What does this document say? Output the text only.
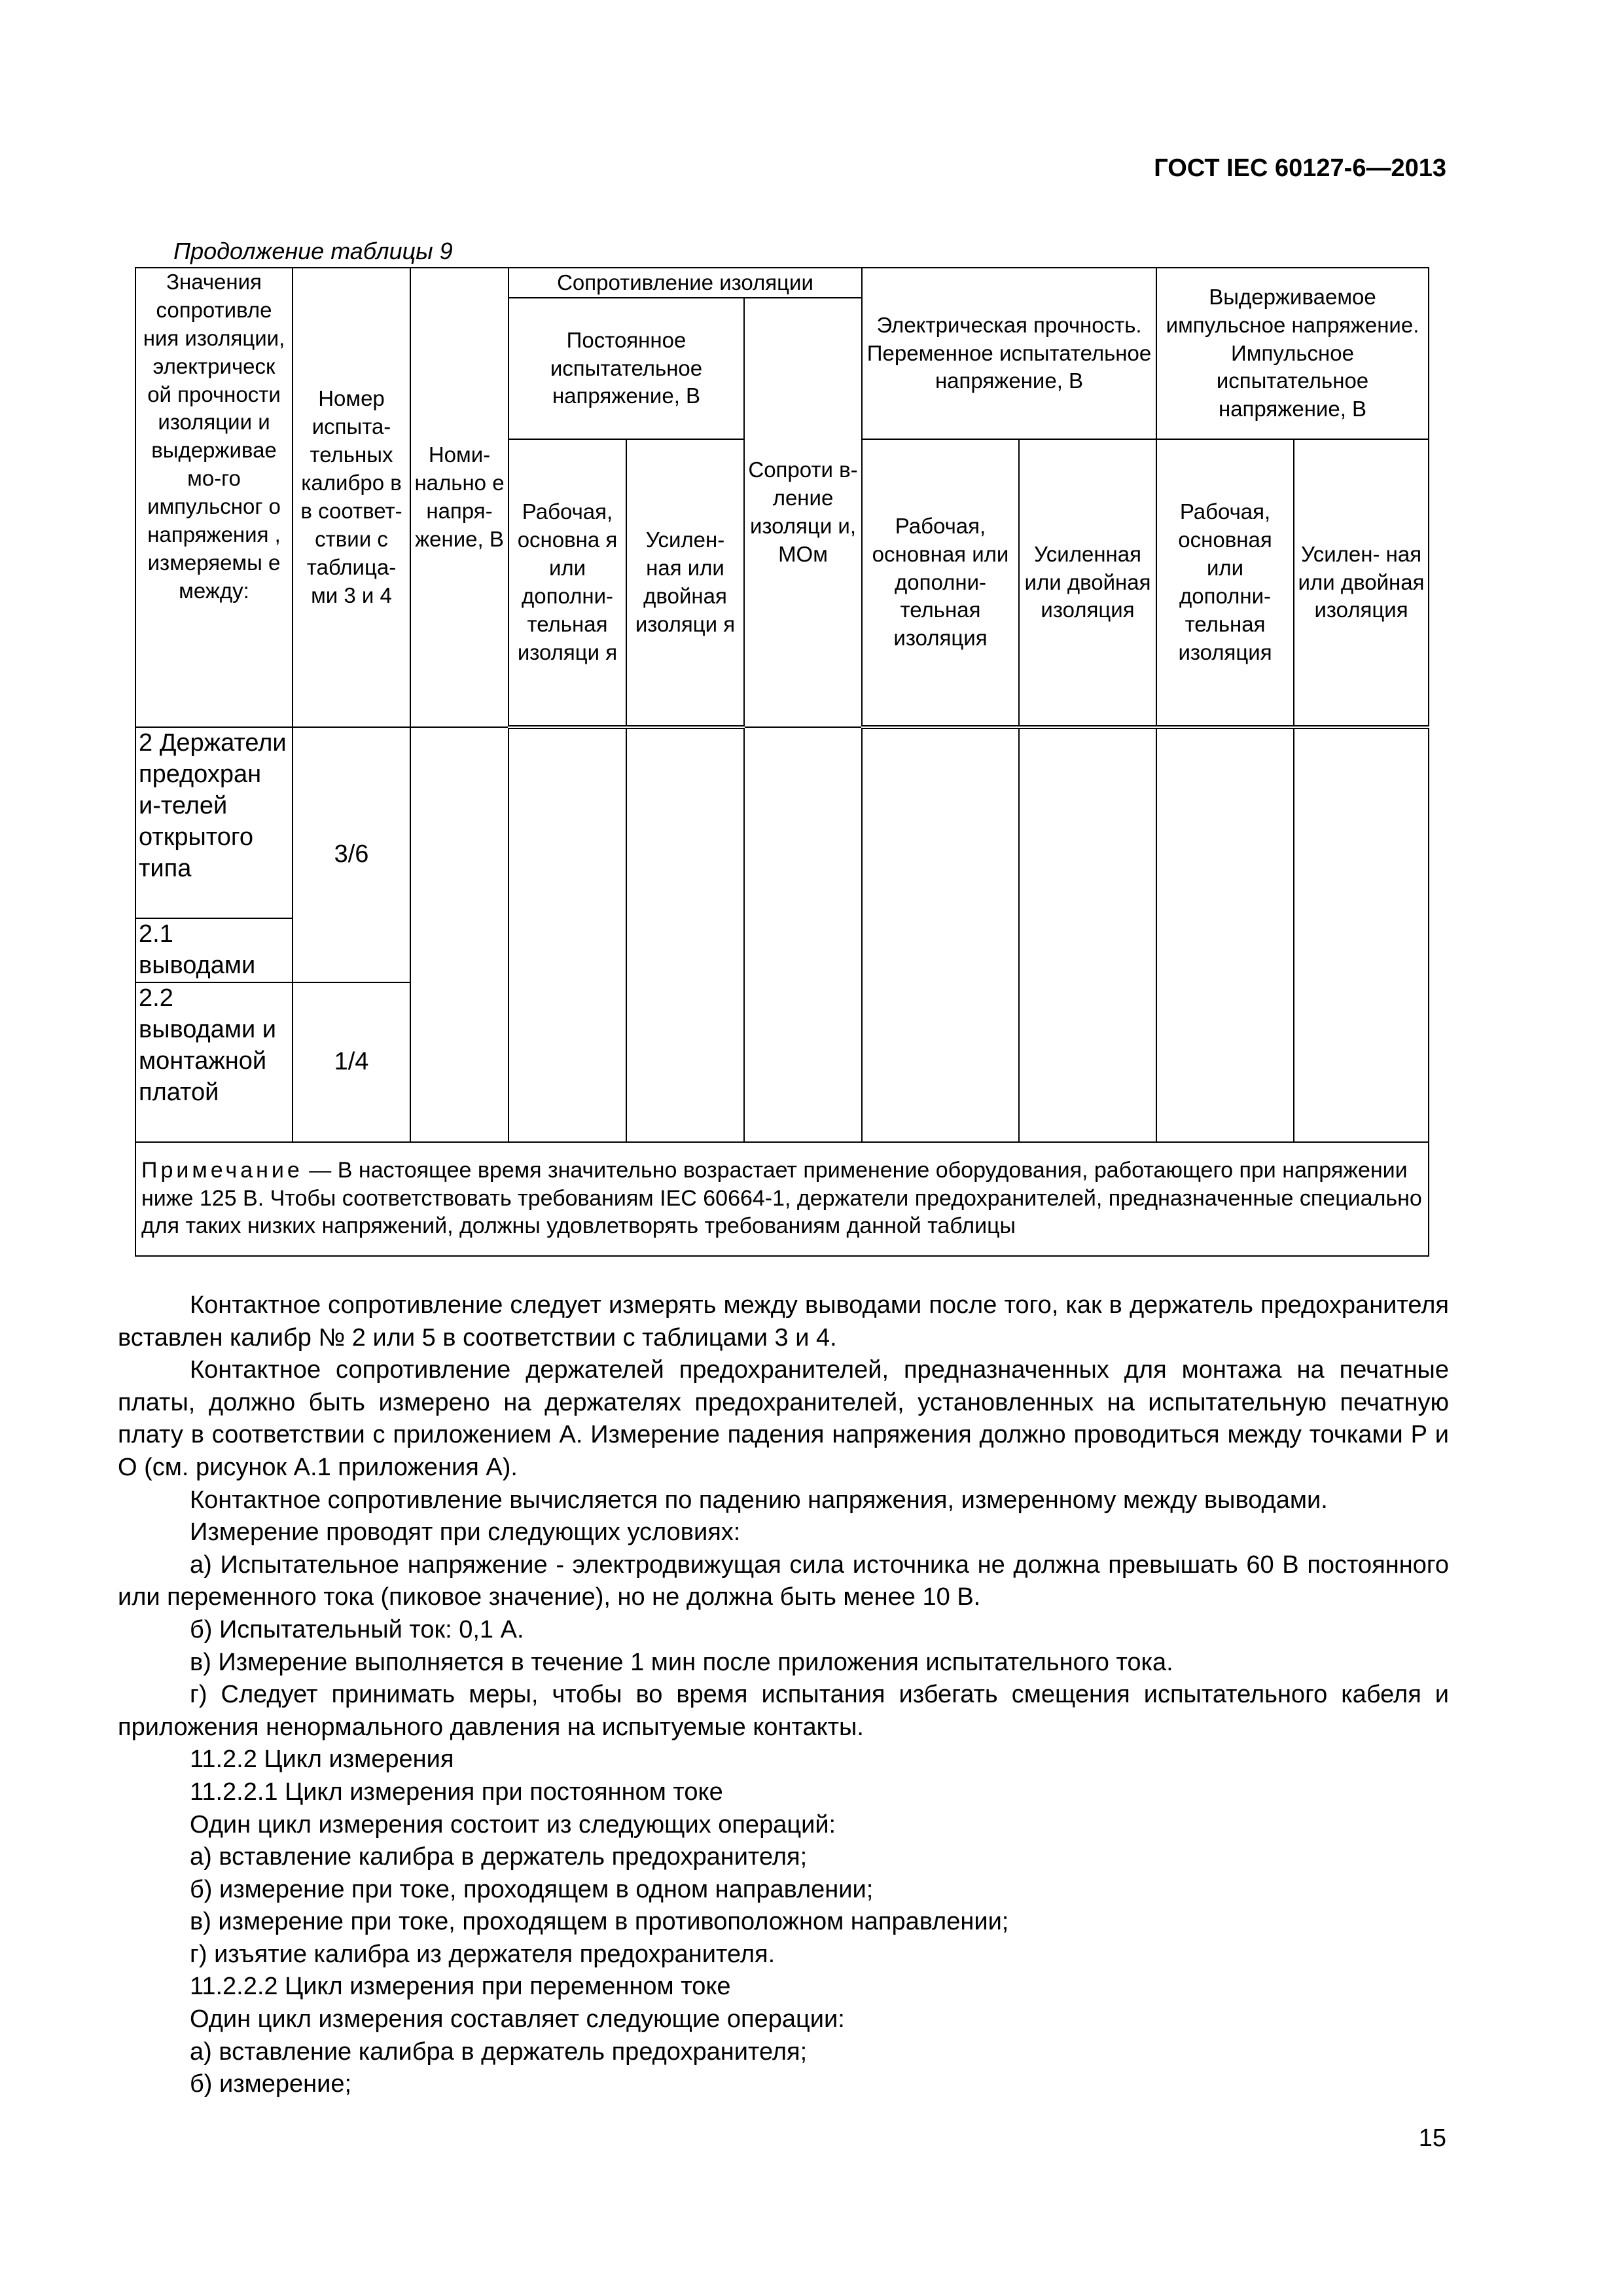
ГОСТ IEC 60127-6—2013
Продолжение таблицы 9
Значения сопротивле ния изоляции, электрическ ой прочности изоляции и выдерживае мо-го импульсног о напряжения , измеряемы е между:	Номер испыта- тельных калибро в в соответ- ствии с таблица- ми 3 и 4	Номи- нально е напря- жение, В	Сопротивление изоляции			Электрическая прочность. Переменное испытательное напряжение, В		Выдерживаемое импульсное напряжение. Импульсное испытательное напряжение, В	
			Постоянное испытательное напряжение, В		Сопроти в-ление изоляци и, МОм				
			Рабочая, основна я или дополни- тельная изоляци я	Усилен- ная или двойная изоляци я		Рабочая, основная или дополни- тельная изоляция	Усиленная или двойная изоляция	Рабочая, основная или дополни- тельная изоляция	Усилен- ная или двойная изоляция
2 Держатели предохран и-телей открытого типа	3/6								
2.1 выводами									
2.2 выводами и монтажной платой	1/4								
Примечание — В настоящее время значительно возрастает применение оборудования, работающего при напряжении ниже 125 В. Чтобы соответствовать требованиям IEC 60664-1, держатели предохранителей, предназначенные специально для таких низких напряжений, должны удовлетворять требованиям данной таблицы									

Контактное сопротивление следует измерять между выводами после того, как в держатель предохранителя вставлен калибр № 2 или 5 в соответствии с таблицами 3 и 4.

Контактное сопротивление держателей предохранителей, предназначенных для монтажа на печатные платы, должно быть измерено на держателях предохранителей, установленных на испытательную печатную плату в соответствии с приложением А. Измерение падения напряжения должно проводиться между точками Р и О (см. рисунок А.1 приложения А).

Контактное сопротивление вычисляется по падению напряжения, измеренному между выводами.

Измерение проводят при следующих условиях:

а) Испытательное напряжение - электродвижущая сила источника не должна превышать 60 В постоянного или переменного тока (пиковое значение), но не должна быть менее 10 В.

б) Испытательный ток: 0,1 А.

в) Измерение выполняется в течение 1 мин после приложения испытательного тока.

г) Следует принимать меры, чтобы во время испытания избегать смещения испытательного кабеля и приложения ненормального давления на испытуемые контакты.

11.2.2 Цикл измерения

11.2.2.1 Цикл измерения при постоянном токе

Один цикл измерения состоит из следующих операций:

а) вставление калибра в держатель предохранителя;

б) измерение при токе, проходящем в одном направлении;

в) измерение при токе, проходящем в противоположном направлении;

г) изъятие калибра из держателя предохранителя.

11.2.2.2 Цикл измерения при переменном токе

Один цикл измерения составляет следующие операции:

а) вставление калибра в держатель предохранителя;

б) измерение;

15
